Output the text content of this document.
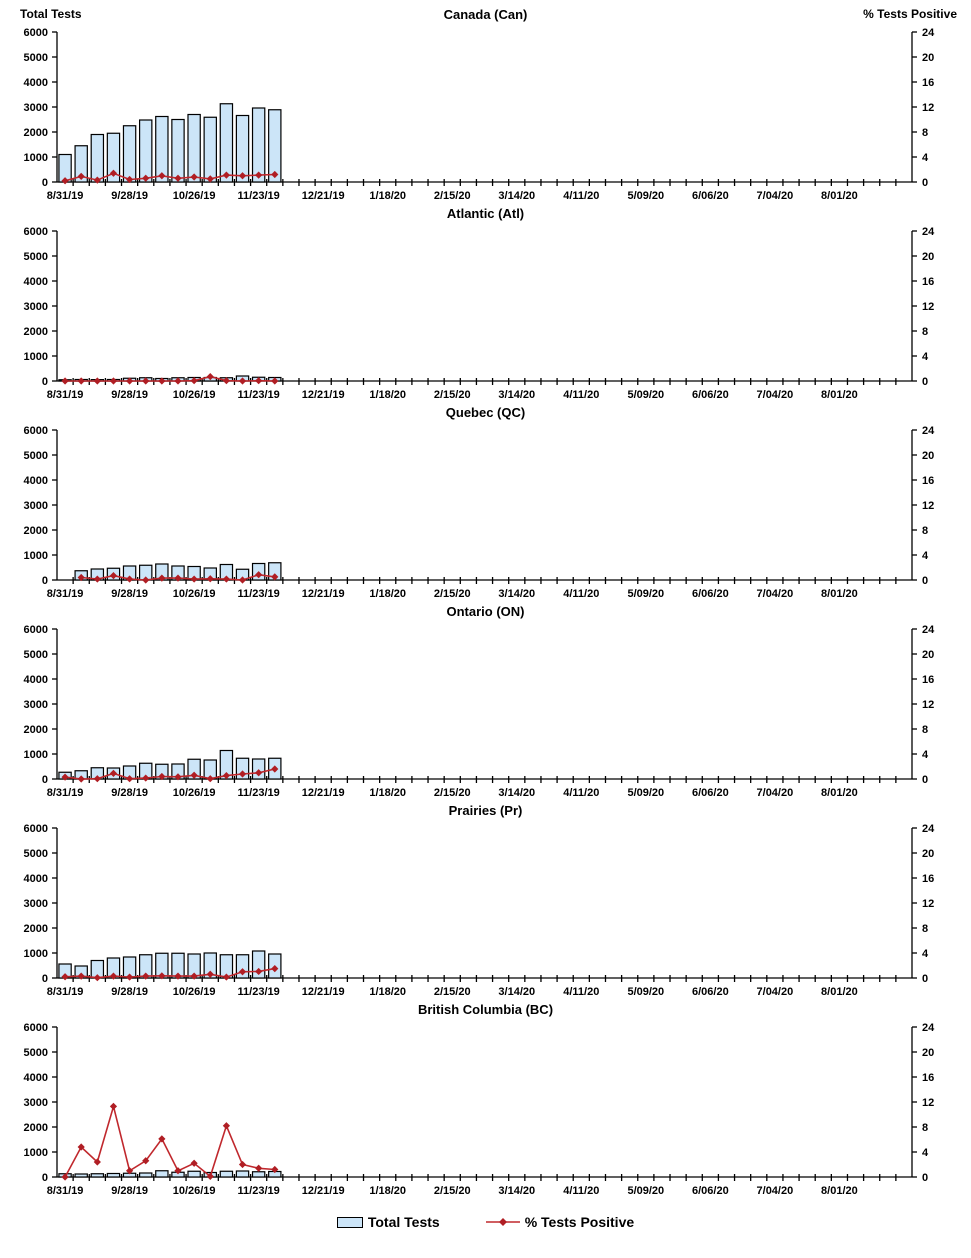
Total Tests	Canada (Can)	% Tests Positive
0
1000
2000
3000
4000
5000
6000
0
4
8
12
16
20
24
8/31/19	9/28/19 10/26/19 11/23/19 12/21/19 1/18/20	2/15/20	3/14/20	4/11/20	5/09/20	6/06/20	7/04/20	8/01/20
Atlantic (Atl)
0
1000
2000
3000
4000
5000
6000
0
4
8
12
16
20
24
8/31/19	9/28/19 10/26/19 11/23/19 12/21/19 1/18/20	2/15/20	3/14/20	4/11/20	5/09/20	6/06/20	7/04/20	8/01/20
Quebec (QC)
0
1000
2000
3000
4000
5000
6000
0
4
8
12
16
20
24
8/31/19	9/28/19 10/26/19 11/23/19 12/21/19 1/18/20	2/15/20	3/14/20	4/11/20	5/09/20	6/06/20	7/04/20	8/01/20
Ontario (ON)
0
1000
2000
3000
4000
5000
6000
0
4
8
12
16
20
24
8/31/19	9/28/19 10/26/19 11/23/19 12/21/19 1/18/20	2/15/20	3/14/20	4/11/20	5/09/20	6/06/20	7/04/20	8/01/20
Prairies (Pr)
0
1000
2000
3000
4000
5000
6000
0
4
8
12
16
20
24
8/31/19	9/28/19 10/26/19 11/23/19 12/21/19 1/18/20	2/15/20	3/14/20	4/11/20	5/09/20	6/06/20	7/04/20	8/01/20
British Columbia (BC)
0
1000
2000
3000
4000
5000
6000
0
4
8
12
16
20
24
8/31/19	9/28/19 10/26/19 11/23/19 12/21/19 1/18/20	2/15/20	3/14/20	4/11/20	5/09/20	6/06/20	7/04/20	8/01/20
Total Tests	% Tests Positive
